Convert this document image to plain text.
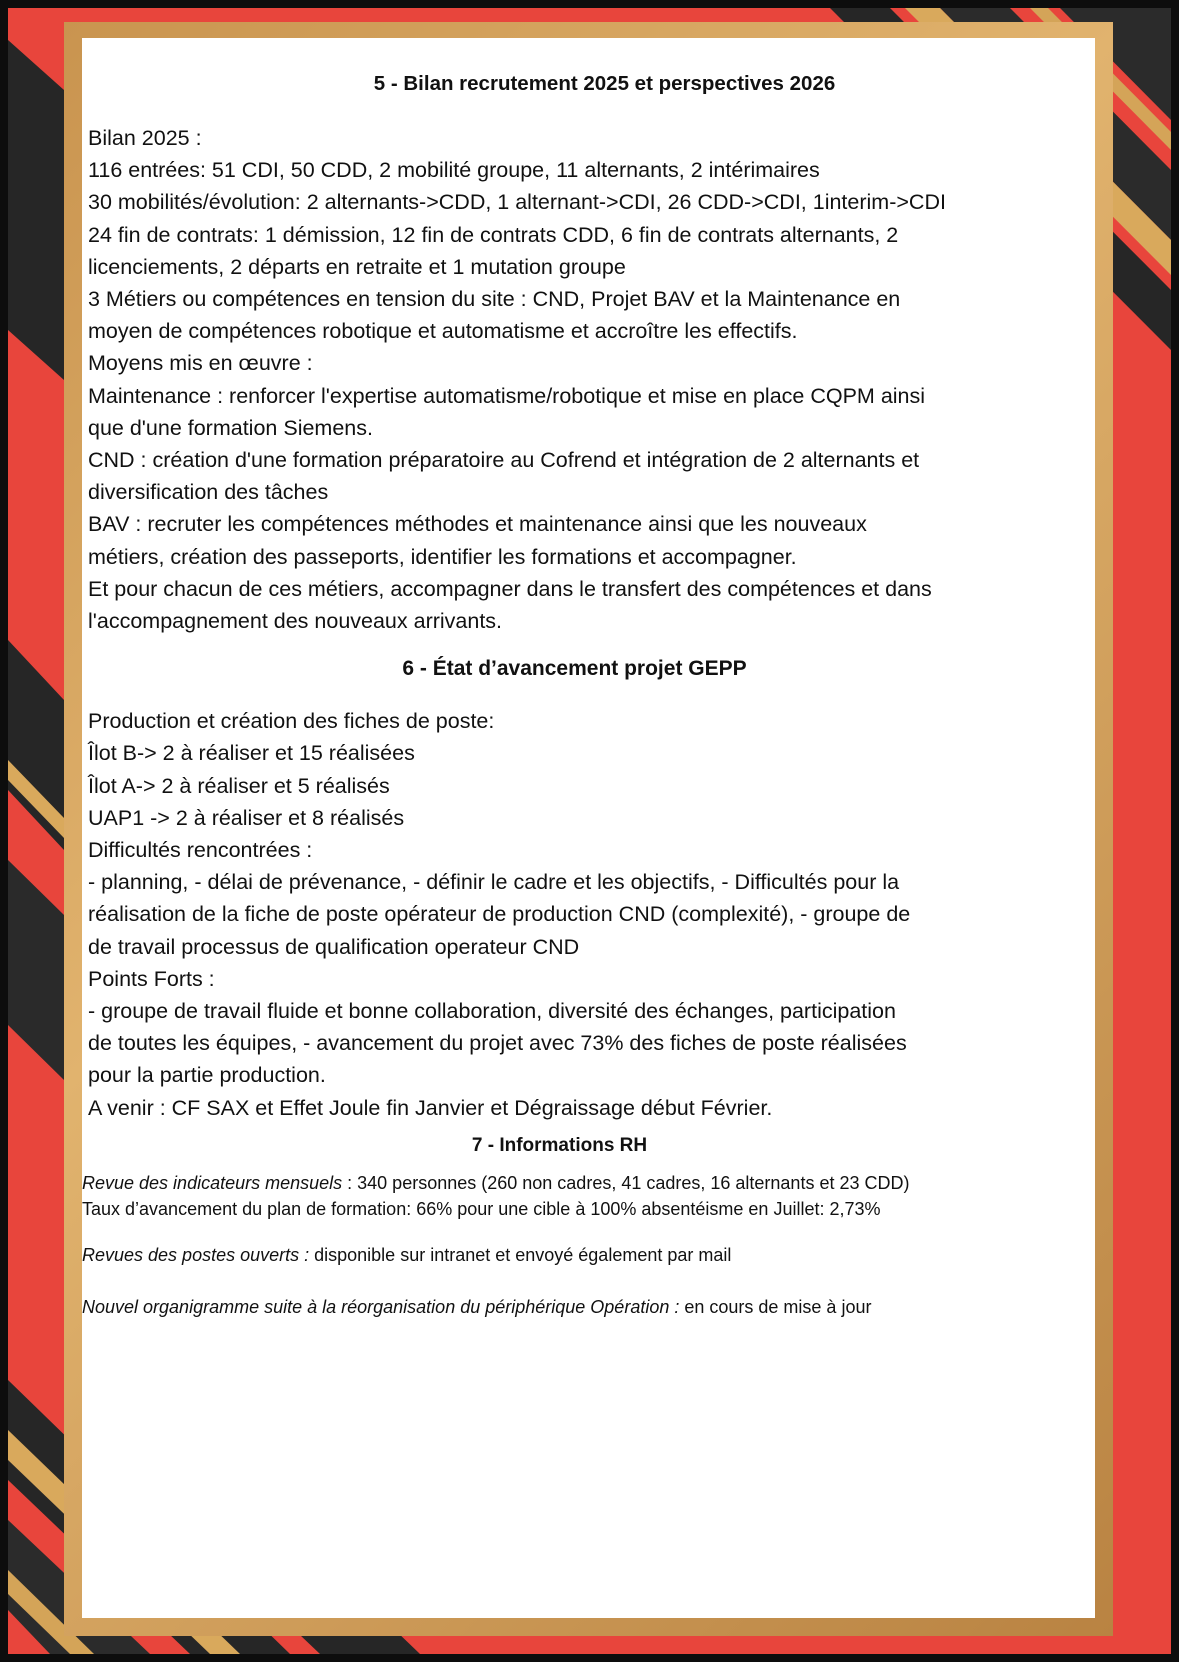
5 - Bilan recrutement 2025 et perspectives 2026

Bilan 2025 :

116 entrées: 51 CDI, 50 CDD, 2 mobilité groupe, 11 alternants, 2 intérimaires

30 mobilités/évolution: 2 alternants->CDD, 1 alternant->CDI, 26 CDD->CDI, 1interim->CDI

24 fin de contrats: 1 démission, 12 fin de contrats CDD, 6 fin de contrats alternants, 2

licenciements, 2 départs en retraite et 1 mutation groupe

3 Métiers ou compétences en tension du site : CND, Projet BAV et la Maintenance en

moyen de compétences robotique et automatisme et accroître les effectifs.

Moyens mis en œuvre :

Maintenance : renforcer l'expertise automatisme/robotique et mise en place CQPM ainsi

que d'une formation Siemens.

CND : création d'une formation préparatoire au Cofrend et intégration de 2 alternants et

diversification des tâches

BAV : recruter les compétences méthodes et maintenance ainsi que les nouveaux

métiers, création des passeports, identifier les formations et accompagner.

Et pour chacun de ces métiers, accompagner dans le transfert des compétences et dans

l'accompagnement des nouveaux arrivants.

6 - État d’avancement projet GEPP

Production et création des fiches de poste:

Îlot B-> 2 à réaliser et 15 réalisées

Îlot A-> 2 à réaliser et 5 réalisés

UAP1 -> 2 à réaliser et 8 réalisés

Difficultés rencontrées :

- planning, - délai de prévenance, - définir le cadre et les objectifs, - Difficultés pour la

réalisation de la fiche de poste opérateur de production CND (complexité), - groupe de

de travail processus de qualification operateur CND

Points Forts :

- groupe de travail fluide et bonne collaboration, diversité des échanges, participation

de toutes les équipes, - avancement du projet avec 73% des fiches de poste réalisées

pour la partie production.

A venir : CF SAX et Effet Joule fin Janvier et Dégraissage début Février.

7 - Informations RH

Revue des indicateurs mensuels : 340 personnes (260 non cadres, 41 cadres, 16 alternants et 23 CDD)

Taux d’avancement du plan de formation: 66% pour une cible à 100% absentéisme en Juillet: 2,73%

Revues des postes ouverts : disponible sur intranet et envoyé également par mail

Nouvel organigramme suite à la réorganisation du périphérique Opération : en cours de mise à jour
